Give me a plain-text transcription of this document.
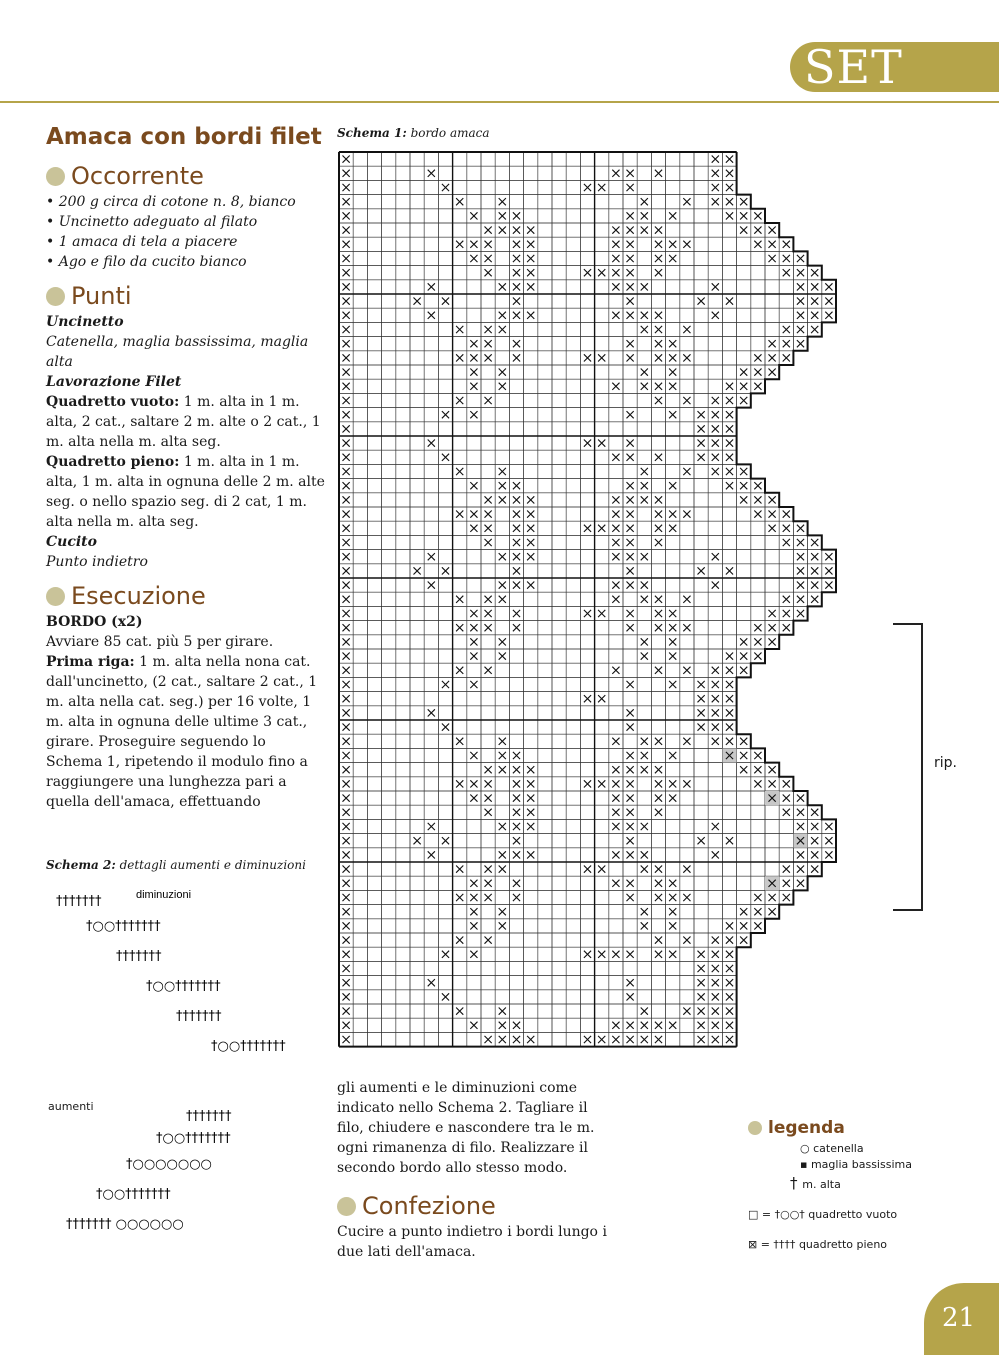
SET
Amaca con bordi filet
Occorrente
• 200 g circa di cotone n. 8, bianco
• Uncinetto adeguato al filato
• 1 amaca di tela a piacere
• Ago e filo da cucito bianco
Punti
Uncinetto
Catenella, maglia bassissima, maglia alta
Lavorazione Filet
Quadretto vuoto: 1 m. alta in 1 m. alta, 2 cat., saltare 2 m. alte o 2 cat., 1 m. alta nella m. alta seg.
Quadretto pieno: 1 m. alta in 1 m. alta, 1 m. alta in ognuna delle 2 m. alte seg. o nello spazio seg. di 2 cat, 1 m. alta nella m. alta seg.
Cucito
Punto indietro
Esecuzione
BORDO (x2)
Avviare 85 cat. più 5 per girare.
Prima riga: 1 m. alta nella nona cat. dall'uncinetto, (2 cat., saltare 2 cat., 1 m. alta nella cat. seg.) per 16 volte, 1 m. alta in ognuna delle ultime 3 cat., girare. Proseguire seguendo lo Schema 1, ripetendo il modulo fino a raggiungere una lunghezza pari a quella dell'amaca, effettuando
Schema 1: bordo amaca
rip.
Schema 2: dettagli aumenti e diminuzioni
diminuzioni
†††††††
†○○†††††††
†††††††
†○○†††††††
†††††††
†○○†††††††
†††††††
†○○†††††††
†○○○○○○○
†○○†††††††
††††††† ○○○○○○
aumenti
gli aumenti e le diminuzioni come indicato nello Schema 2. Tagliare il filo, chiudere e nascondere tra le m. ogni rimanenza di filo. Realizzare il secondo bordo allo stesso modo.
Confezione
Cucire a punto indietro i bordi lungo i due lati dell'amaca.
legenda
○ catenella
▪ maglia bassissima
† m. alta
□ = †○○† quadretto vuoto
⊠ = †††† quadretto pieno
21
